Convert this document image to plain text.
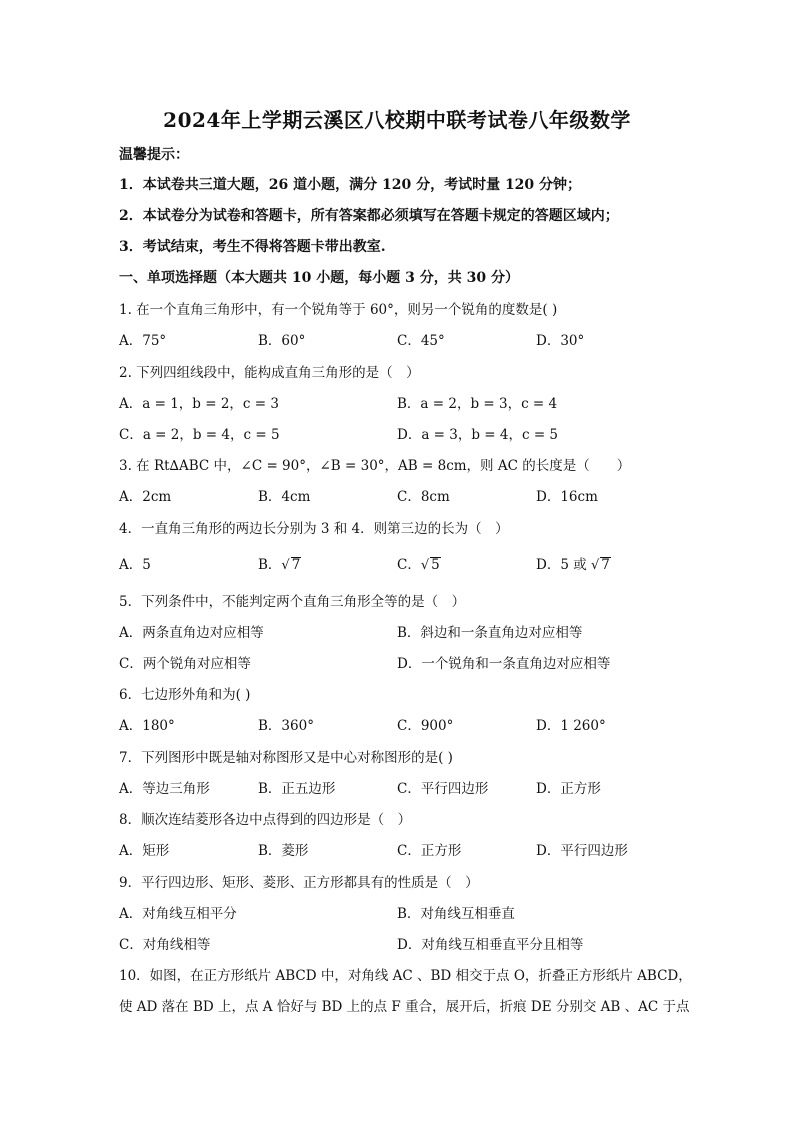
2024年上学期云溪区八校期中联考试卷八年级数学
温馨提示：
1．本试卷共三道大题，26 道小题，满分 120 分，考试时量 120 分钟；
2．本试卷分为试卷和答题卡，所有答案都必须填写在答题卡规定的答题区域内；
3．考试结束，考生不得将答题卡带出教室.
一、单项选择题（本大题共 10 小题，每小题 3 分，共 30 分）
1. 在一个直角三角形中，有一个锐角等于 60°，则另一个锐角的度数是( )
A．75°	B．60°	C．45°	D．30°
2. 下列四组线段中，能构成直角三角形的是（　）
A．a = 1，b = 2，c = 3	B．a = 2，b = 3，c = 4
C．a = 2，b = 4，c = 5	D．a = 3，b = 4，c = 5
3. 在 Rt∆ABC 中，∠C = 90°，∠B = 30°，AB = 8cm，则 AC 的长度是（　　）
A．2cm	B．4cm	C．8cm	D．16cm
4．一直角三角形的两边长分别为 3 和 4．则第三边的长为（　）
A．5	B．√ 7	C．√ 5	D．5 或 √ 7
5．下列条件中，不能判定两个直角三角形全等的是（　）
A．两条直角边对应相等	B．斜边和一条直角边对应相等
C．两个锐角对应相等	D．一个锐角和一条直角边对应相等
6．七边形外角和为( )
A．180°	B．360°	C．900°	D．1 260°
7．下列图形中既是轴对称图形又是中心对称图形的是( )
A．等边三角形	B．正五边形	C．平行四边形	D．正方形
8．顺次连结菱形各边中点得到的四边形是（　）
A．矩形	B．菱形	C．正方形	D．平行四边形
9．平行四边形、矩形、菱形、正方形都具有的性质是（　）
A．对角线互相平分	B．对角线互相垂直
C．对角线相等	D．对角线互相垂直平分且相等
10．如图，在正方形纸片 ABCD 中，对角线 AC 、BD 相交于点 O，折叠正方形纸片 ABCD，
使 AD 落在 BD 上，点 A 恰好与 BD 上的点 F 重合，展开后，折痕 DE 分别交 AB 、AC 于点
